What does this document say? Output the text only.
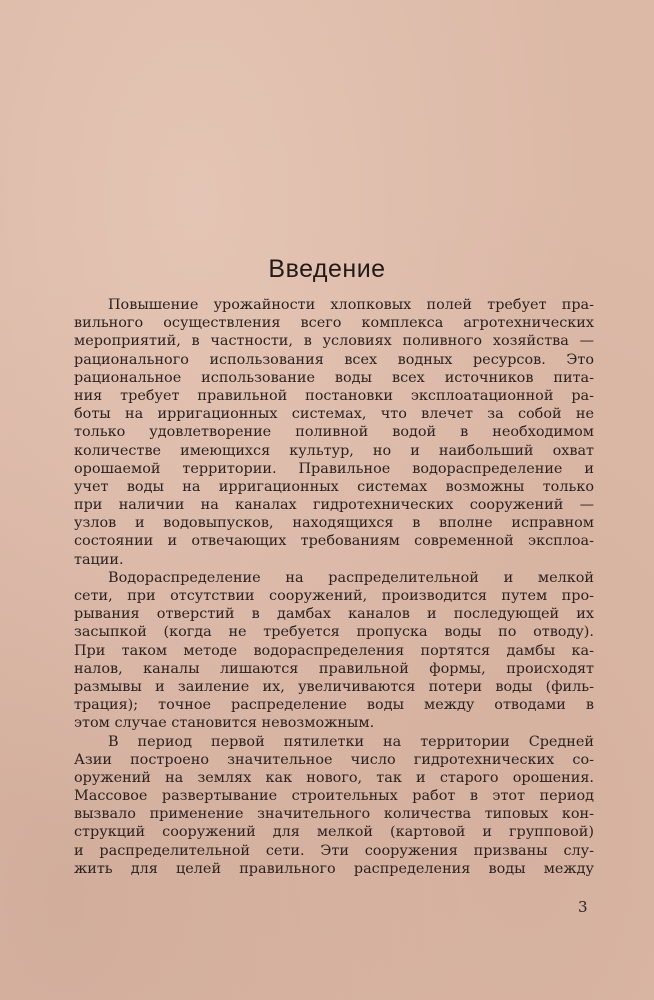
Введение
Повышение урожайности хлопковых полей требует пра-
вильного осуществления всего комплекса агротехнических
мероприятий, в частности, в условиях поливного хозяйства —
рационального использования всех водных ресурсов. Это
рациональное использование воды всех источников пита-
ния требует правильной постановки эксплоатационной ра-
боты на ирригационных системах, что влечет за собой не
только удовлетворение поливной водой в необходимом
количестве имеющихся культур, но и наибольший охват
орошаемой территории. Правильное водораспределение и
учет воды на ирригационных системах возможны только
при наличии на каналах гидротехнических сооружений —
узлов и водовыпусков, находящихся в вполне исправном
состоянии и отвечающих требованиям современной эксплоа-
тации.
Водораспределение на распределительной и мелкой
сети, при отсутствии сооружений, производится путем про-
рывания отверстий в дамбах каналов и последующей их
засыпкой (когда не требуется пропуска воды по отводу).
При таком методе водораспределения портятся дамбы ка-
налов, каналы лишаются правильной формы, происходят
размывы и заиление их, увеличиваются потери воды (филь-
трация); точное распределение воды между отводами в
этом случае становится невозможным.
В период первой пятилетки на территории Средней
Азии построено значительное число гидротехнических со-
оружений на землях как нового, так и старого орошения.
Массовое развертывание строительных работ в этот период
вызвало применение значительного количества типовых кон-
струкций сооружений для мелкой (картовой и групповой)
и распределительной сети. Эти сооружения призваны слу-
жить для целей правильного распределения воды между
3
